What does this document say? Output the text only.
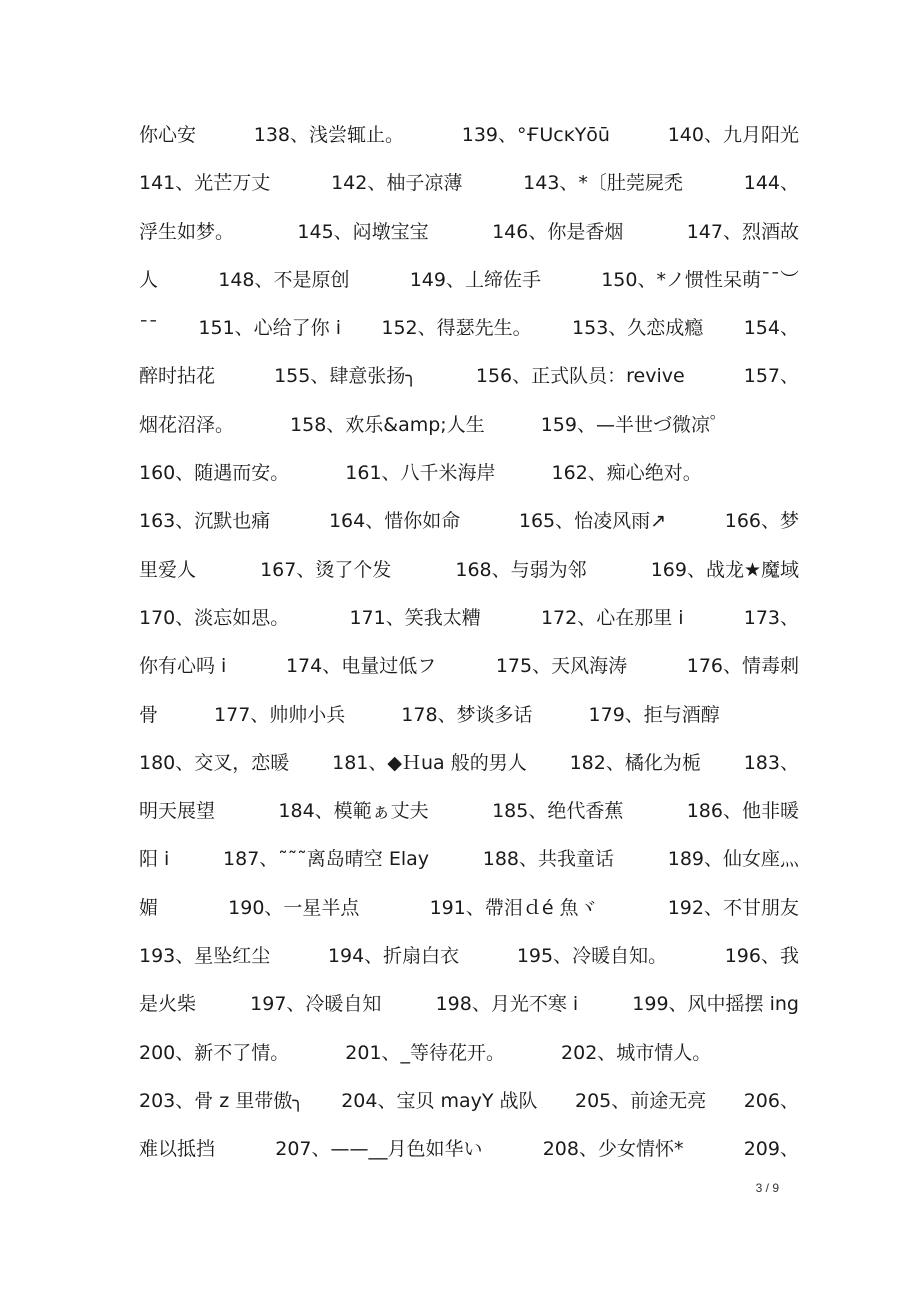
你心安	138、浅尝辄止。	139、°ҒUcĸYōū	140、九月阳光
141、光芒万丈	142、柚子凉薄	143、*〔肚莞屍禿	144、
浮生如梦。	145、闷墩宝宝	146、你是香烟	147、烈酒故
人	148、不是原创	149、丄缔佐手	150、*ノ惯性呆萌¯¯︶
¯¯ 151、心给了你 i 152、得瑟先生。 153、久恋成瘾 154、
醉时拈花	155、肆意张扬╮	156、正式队员：revive	157、
烟花沼泽。	158、欢乐&amp;人生	159、—半世づ微凉゜
160、随遇而安。	161、八千米海岸	162、痴心绝对。
163、沉默也痛	164、惜你如命	165、怡凌风雨↗	166、梦
里爱人	167、烫了个发	168、与弱为邻	169、战龙★魔域
170、淡忘如思。	171、笑我太糟	172、心在那里 i	173、
你有心吗 i	174、电量过低フ	175、天风海涛	176、情毒刺
骨	177、帅帅小兵	178、梦谈多话	179、拒与酒醇
180、交叉，恋暖 181、◆Ｈua 般的男人 182、橘化为栀 183、
明天展望	184、模範ぁ丈夫	185、绝代香蕉	186、他非暖
阳 i	187、˜˜˜离岛晴空 Elay	188、共我童话	189、仙女座灬
媚	190、一星半点	191、帶泪ｄé 魚ヾ	192、不甘朋友
193、星坠红尘	194、折扇白衣	195、冷暖自知。	196、我
是火柴	197、冷暖自知	198、月光不寒 i	199、风中摇摆 ing
200、新不了情。	201、_等待花开。	202、城市情人。
203、骨 z 里带傲╮ 204、宝贝 mayY 战队 205、前途无亮 206、
难以抵挡	207、——__月色如华い	208、少女情怀*	209、
3 / 9
